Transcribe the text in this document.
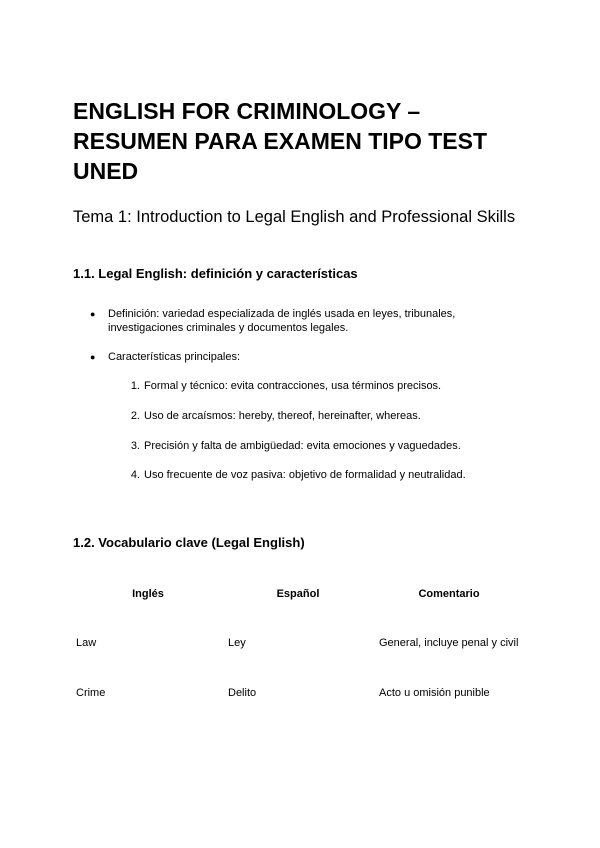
ENGLISH FOR CRIMINOLOGY –
RESUMEN PARA EXAMEN TIPO TEST
UNED
Tema 1: Introduction to Legal English and Professional Skills
1.1. Legal English: definición y características
●	Definición: variedad especializada de inglés usada en leyes, tribunales, investigaciones criminales y documentos legales.
●	Características principales:
1. Formal y técnico: evita contracciones, usa términos precisos.
2. Uso de arcaísmos: hereby, thereof, hereinafter, whereas.
3. Precisión y falta de ambigüedad: evita emociones y vaguedades.
4. Uso frecuente de voz pasiva: objetivo de formalidad y neutralidad.
1.2. Vocabulario clave (Legal English)
Inglés	Español	Comentario
Law	Ley	General, incluye penal y civil
Crime	Delito	Acto u omisión punible
